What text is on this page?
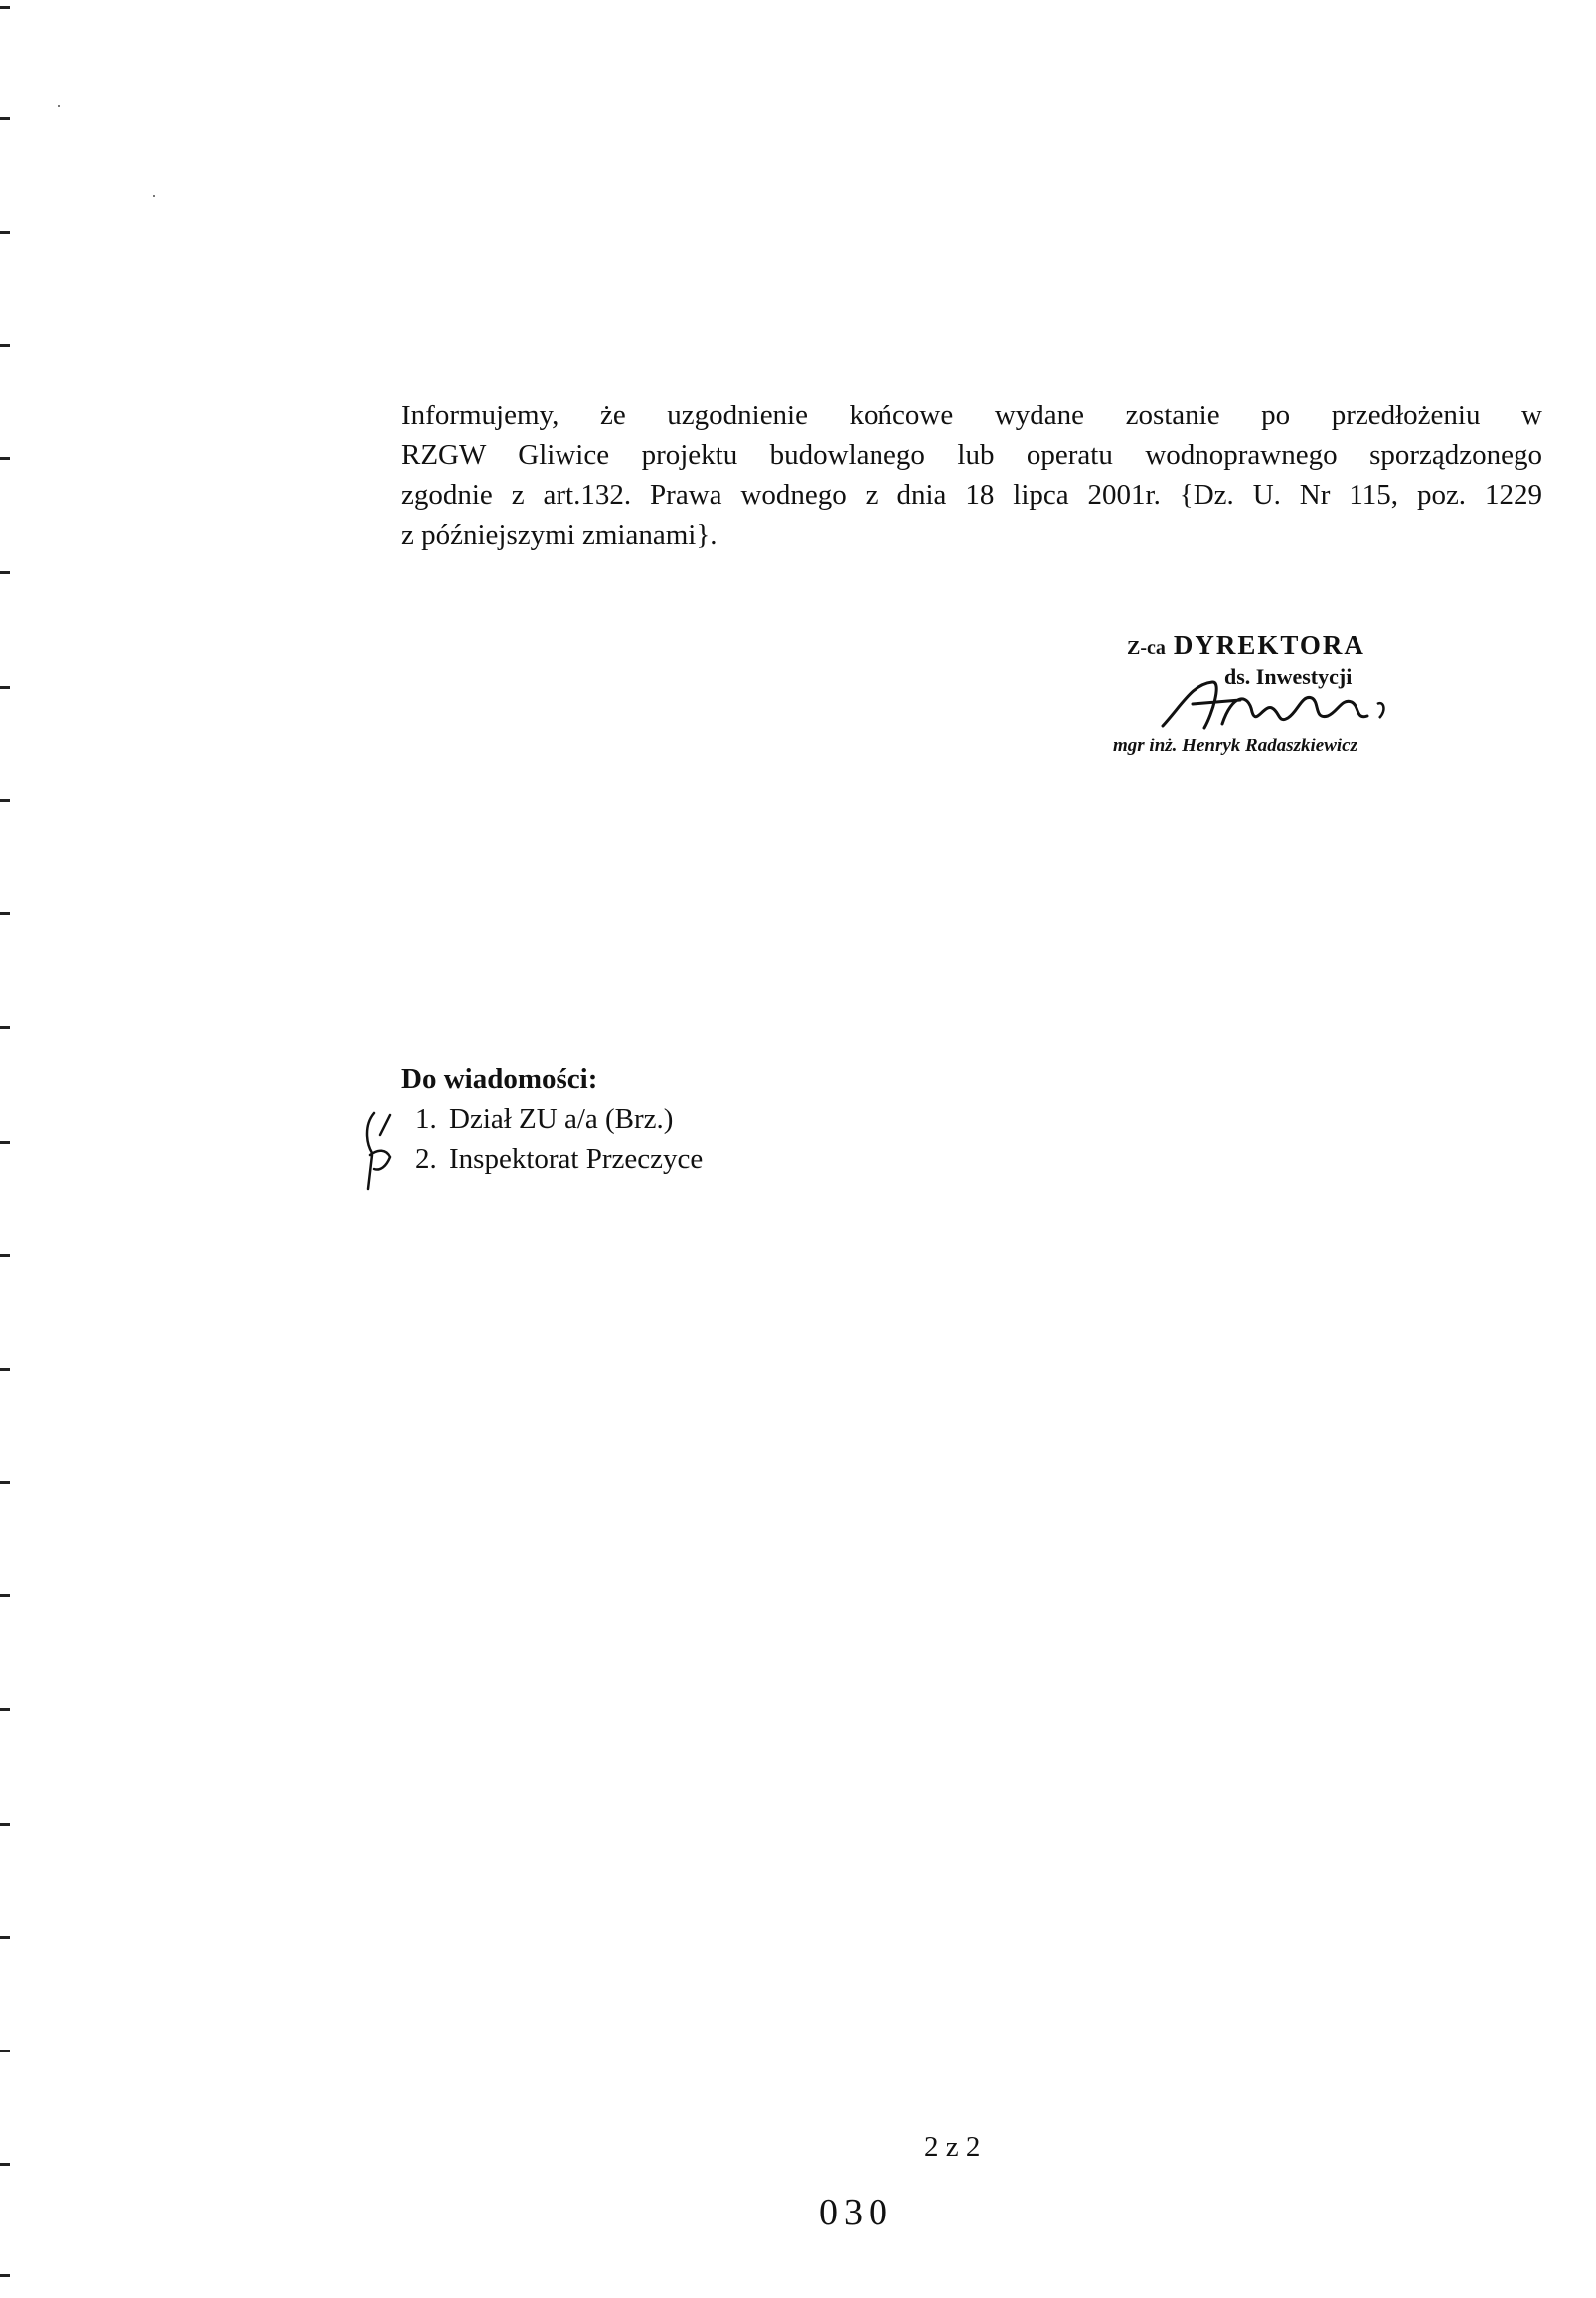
Informujemy, że uzgodnienie końcowe wydane zostanie po przedłożeniu w
RZGW Gliwice projektu budowlanego lub operatu wodnoprawnego sporządzonego
zgodnie z art.132. Prawa wodnego z dnia 18 lipca 2001r. {Dz. U. Nr 115, poz. 1229
z późniejszymi zmianami}.
Z-ca DYREKTORA
ds. Inwestycji
mgr inż. Henryk Radaszkiewicz
Do wiadomości:
1. Dział ZU a/a (Brz.)
2. Inspektorat Przeczyce
2 z 2
030
